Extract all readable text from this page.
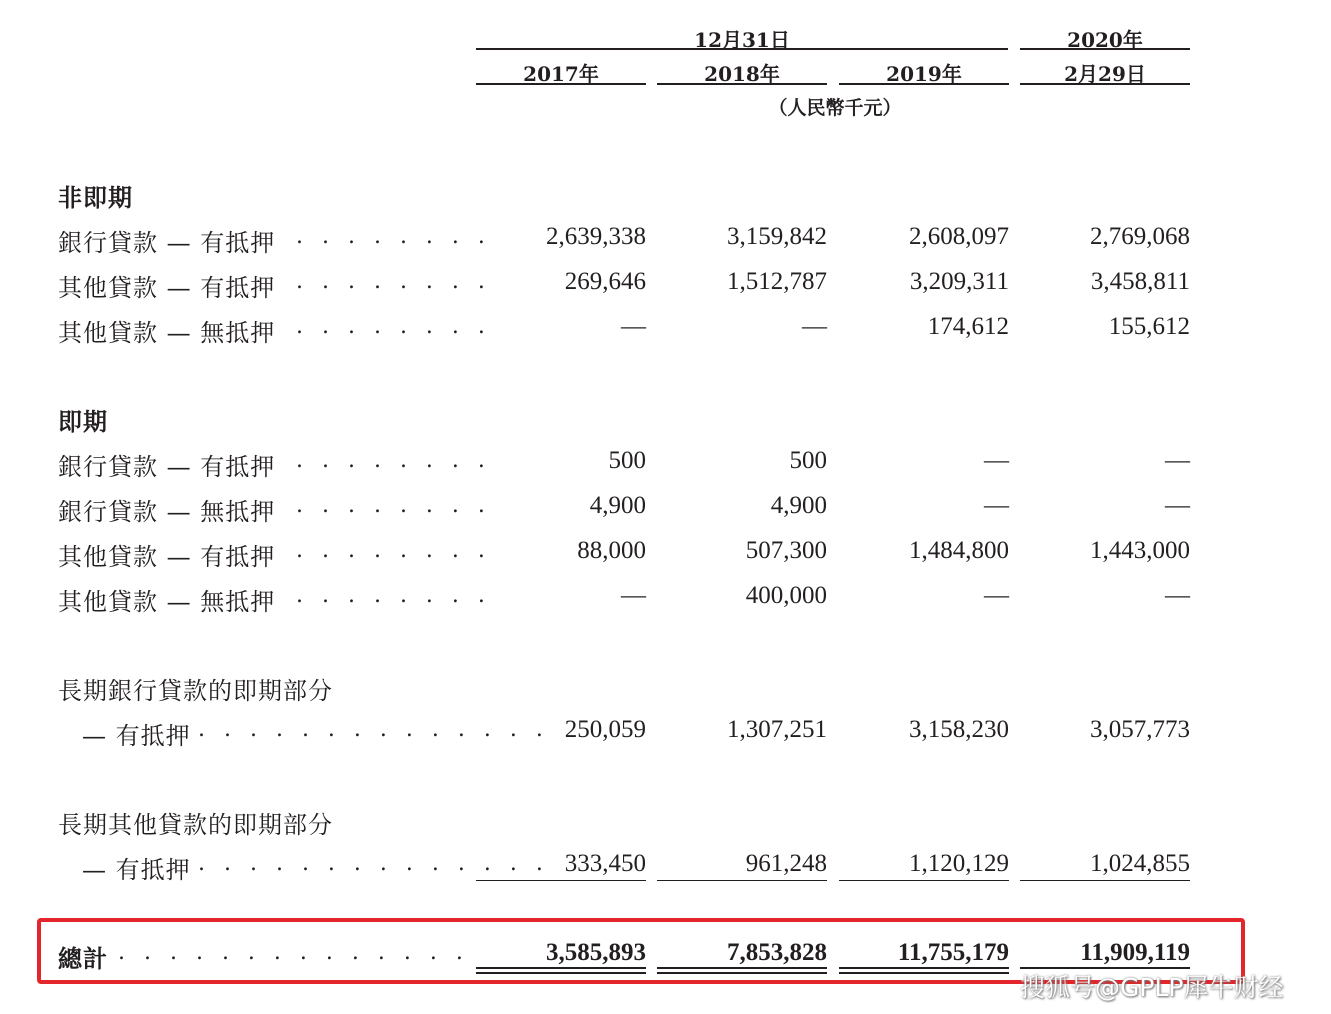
12月31日	2020年
2017年	2018年	2019年	2月29日
（人民幣千元）
非即期
銀行貸款 — 有抵押 . . . . . . . .	2,639,338	3,159,842	2,608,097	2,769,068
其他貸款 — 有抵押 . . . . . . . .	269,646	1,512,787	3,209,311	3,458,811
其他貸款 — 無抵押 . . . . . . . .	—	—	174,612	155,612
即期
銀行貸款 — 有抵押 . . . . . . . .	500	500	—	—
銀行貸款 — 無抵押 . . . . . . . .	4,900	4,900	—	—
其他貸款 — 有抵押 . . . . . . . .	88,000	507,300	1,484,800	1,443,000
其他貸款 — 無抵押 . . . . . . . .	—	400,000	—	—
長期銀行貸款的即期部分
— 有抵押 . . . . . . . . . . . . . . 250,059	1,307,251	3,158,230	3,057,773
長期其他貸款的即期部分
— 有抵押 . . . . . . . . . . . . . . 333,450	961,248	1,120,129	1,024,855
總計 . . . . . . . . . . . . . .	3,585,893	7,853,828	11,755,179	11,909,119
搜狐号@GPLP犀牛财经
